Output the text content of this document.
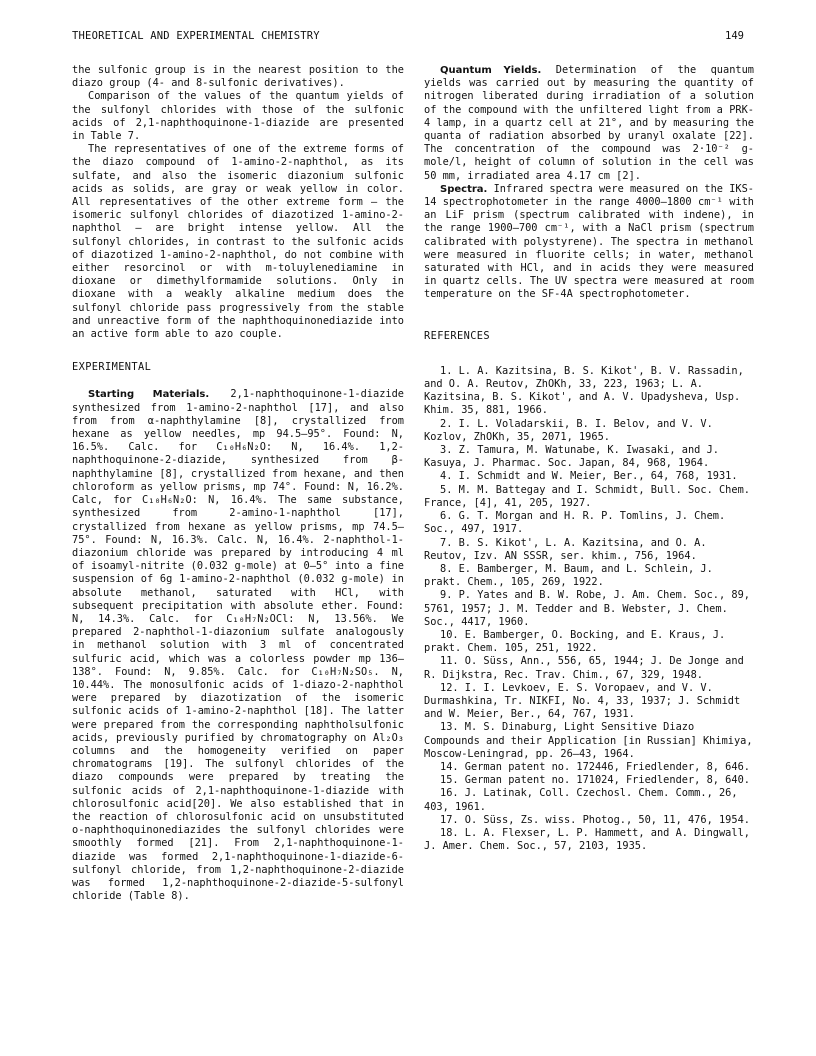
THEORETICAL AND EXPERIMENTAL CHEMISTRY	149

the sulfonic group is in the nearest position to the diazo group (4- and 8-sulfonic derivatives).

Comparison of the values of the quantum yields of the sulfonyl chlorides with those of the sulfonic acids of 2,1-naphthoquinone-1-diazide are presented in Table 7.

The representatives of one of the extreme forms of the diazo compound of 1-amino-2-naphthol, as its sulfate, and also the isomeric diazonium sulfonic acids as solids, are gray or weak yellow in color. All representatives of the other extreme form — the isomeric sulfonyl chlorides of diazotized 1-amino-2-naphthol — are bright intense yellow. All the sulfonyl chlorides, in contrast to the sulfonic acids of diazotized 1-amino-2-naphthol, do not combine with either resorcinol or with m-toluylenediamine in dioxane or dimethylformamide solutions. Only in dioxane with a weakly alkaline medium does the sulfonyl chloride pass progressively from the stable and unreactive form of the naphthoquinonediazide into an active form able to azo couple.

EXPERIMENTAL

Starting Materials. 2,1-naphthoquinone-1-diazide synthesized from 1-amino-2-naphthol [17], and also from from α-naphthylamine [8], crystallized from hexane as yellow needles, mp 94.5–95°. Found: N, 16.5%. Calc. for C₁₀H₆N₂O: N, 16.4%. 1,2-naphthoquinone-2-diazide, synthesized from β-naphthylamine [8], crystallized from hexane, and then chloroform as yellow prisms, mp 74°. Found: N, 16.2%. Calc, for C₁₀H₆N₂O: N, 16.4%. The same substance, synthesized from 2-amino-1-naphthol [17], crystallized from hexane as yellow prisms, mp 74.5–75°. Found: N, 16.3%. Calc. N, 16.4%. 2-naphthol-1-diazonium chloride was prepared by introducing 4 ml of isoamyl-nitrite (0.032 g-mole) at 0–5° into a fine suspension of 6g 1-amino-2-naphthol (0.032 g-mole) in absolute methanol, saturated with HCl, with subsequent precipitation with absolute ether. Found: N, 14.3%. Calc. for C₁₀H₇N₂OCl: N, 13.56%. We prepared 2-naphthol-1-diazonium sulfate analogously in methanol solution with 3 ml of concentrated sulfuric acid, which was a colorless powder mp 136–138°. Found: N, 9.85%. Calc. for C₁₀H₇N₂SO₅. N, 10.44%. The monosulfonic acids of 1-diazo-2-naphthol were prepared by diazotization of the isomeric sulfonic acids of 1-amino-2-naphthol [18]. The latter were prepared from the corresponding naphtholsulfonic acids, previously purified by chromatography on Al₂O₃ columns and the homogeneity verified on paper chromatograms [19]. The sulfonyl chlorides of the diazo compounds were prepared by treating the sulfonic acids of 2,1-naphthoquinone-1-diazide with chlorosulfonic acid[20]. We also established that in the reaction of chlorosulfonic acid on unsubstituted o-naphthoquinonediazides the sulfonyl chlorides were smoothly formed [21]. From 2,1-naphthoquinone-1-diazide was formed 2,1-naphthoquinone-1-diazide-6-sulfonyl chloride, from 1,2-naphthoquinone-2-diazide was formed 1,2-naphthoquinone-2-diazide-5-sulfonyl chloride (Table 8).

Quantum Yields. Determination of the quantum yields was carried out by measuring the quantity of nitrogen liberated during irradiation of a solution of the compound with the unfiltered light from a PRK-4 lamp, in a quartz cell at 21°, and by measuring the quanta of radiation absorbed by uranyl oxalate [22]. The concentration of the compound was 2·10⁻² g-mole/l, height of column of solution in the cell was 50 mm, irradiated area 4.17 cm [2].

Spectra. Infrared spectra were measured on the IKS-14 spectrophotometer in the range 4000–1800 cm⁻¹ with an LiF prism (spectrum calibrated with indene), in the range 1900–700 cm⁻¹, with a NaCl prism (spectrum calibrated with polystyrene). The spectra in methanol were measured in fluorite cells; in water, methanol saturated with HCl, and in acids they were measured in quartz cells. The UV spectra were measured at room temperature on the SF-4A spectrophotometer.

REFERENCES

1. L. A. Kazitsina, B. S. Kikot', B. V. Rassadin, and O. A. Reutov, ZhOKh, 33, 223, 1963; L. A. Kazitsina, B. S. Kikot', and A. V. Upadysheva, Usp. Khim. 35, 881, 1966.

2. I. L. Voladarskii, B. I. Belov, and V. V. Kozlov, ZhOKh, 35, 2071, 1965.

3. Z. Tamura, M. Watunabe, K. Iwasaki, and J. Kasuya, J. Pharmac. Soc. Japan, 84, 968, 1964.

4. I. Schmidt and W. Meier, Ber., 64, 768, 1931.

5. M. M. Battegay and I. Schmidt, Bull. Soc. Chem. France, [4], 41, 205, 1927.

6. G. T. Morgan and H. R. P. Tomlins, J. Chem. Soc., 497, 1917.

7. B. S. Kikot', L. A. Kazitsina, and O. A. Reutov, Izv. AN SSSR, ser. khim., 756, 1964.

8. E. Bamberger, M. Baum, and L. Schlein, J. prakt. Chem., 105, 269, 1922.

9. P. Yates and B. W. Robe, J. Am. Chem. Soc., 89, 5761, 1957; J. M. Tedder and B. Webster, J. Chem. Soc., 4417, 1960.

10. E. Bamberger, O. Bocking, and E. Kraus, J. prakt. Chem. 105, 251, 1922.

11. O. Süss, Ann., 556, 65, 1944; J. De Jonge and R. Dijkstra, Rec. Trav. Chim., 67, 329, 1948.

12. I. I. Levkoev, E. S. Voropaev, and V. V. Durmashkina, Tr. NIKFI, No. 4, 33, 1937; J. Schmidt and W. Meier, Ber., 64, 767, 1931.

13. M. S. Dinaburg, Light Sensitive Diazo Compounds and their Application [in Russian] Khimiya, Moscow-Leningrad, pp. 26–43, 1964.

14. German patent no. 172446, Friedlender, 8, 646.

15. German patent no. 171024, Friedlender, 8, 640.

16. J. Latinak, Coll. Czechosl. Chem. Comm., 26, 403, 1961.

17. O. Süss, Zs. wiss. Photog., 50, 11, 476, 1954.

18. L. A. Flexser, L. P. Hammett, and A. Dingwall, J. Amer. Chem. Soc., 57, 2103, 1935.
